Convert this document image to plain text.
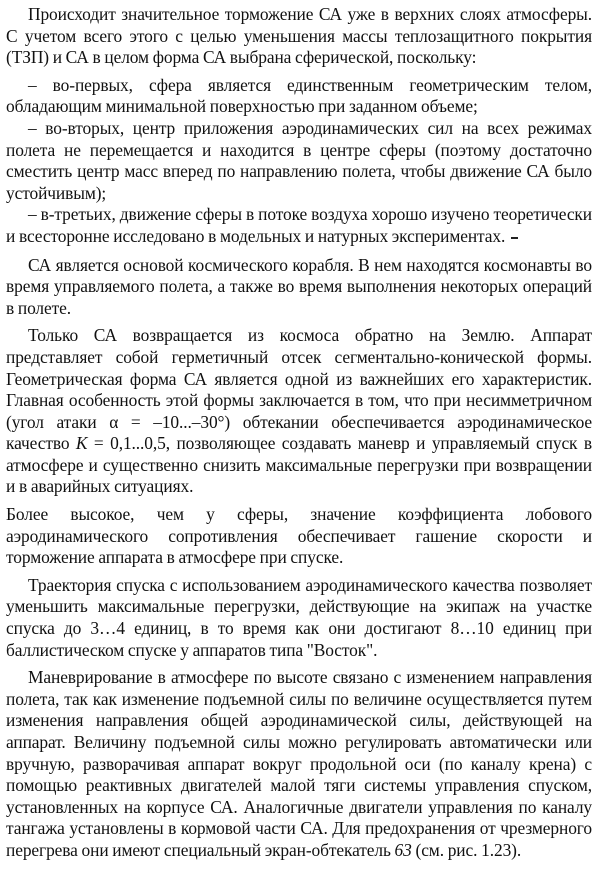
Происходит значительное торможение СА уже в верхних слоях атмосферы. С учетом всего этого с целью уменьшения массы теплозащитного покрытия (ТЗП) и СА в целом форма СА выбрана сферической, поскольку:

– во-первых, сфера является единственным геометрическим телом, обладающим минимальной поверхностью при заданном объеме;

– во-вторых, центр приложения аэродинамических сил на всех режимах полета не перемещается и находится в центре сферы (поэтому достаточно сместить центр масс вперед по направлению полета, чтобы движение СА было устойчивым);

– в-третьих, движение сферы в потоке воздуха хорошо изучено теоретически и всесторонне исследовано в модельных и натурных экспериментах.

СА является основой космического корабля. В нем находятся космонавты во время управляемого полета, а также во время выполнения некоторых операций в полете.

Только СА возвращается из космоса обратно на Землю. Аппарат представляет собой герметичный отсек сегментально-конической формы. Геометрическая форма СА является одной из важнейших его характеристик. Главная особенность этой формы заключается в том, что при несимметричном (угол атаки α = –10...–30°) обтекании обеспечивается аэродинамическое качество K = 0,1...0,5, позволяющее создавать маневр и управляемый спуск в атмосфере и существенно снизить максимальные перегрузки при возвращении и в аварийных ситуациях.

Более высокое, чем у сферы, значение коэффициента лобового аэродинамического сопротивления обеспечивает гашение скорости и торможение аппарата в атмосфере при спуске.

Траектория спуска с использованием аэродинамического качества позволяет уменьшить максимальные перегрузки, действующие на экипаж на участке спуска до 3…4 единиц, в то время как они достигают 8…10 единиц при баллистическом спуске у аппаратов типа "Восток".

Маневрирование в атмосфере по высоте связано с изменением направления полета, так как изменение подъемной силы по величине осуществляется путем изменения направления общей аэродинамической силы, действующей на аппарат. Величину подъемной силы можно регулировать автоматически или вручную, разворачивая аппарат вокруг продольной оси (по каналу крена) с помощью реактивных двигателей малой тяги системы управления спуском, установленных на корпусе СА. Аналогичные двигатели управления по каналу тангажа установлены в кормовой части СА. Для предохранения от чрезмерного перегрева они имеют специальный экран-обтекатель 63 (см. рис. 1.23).
